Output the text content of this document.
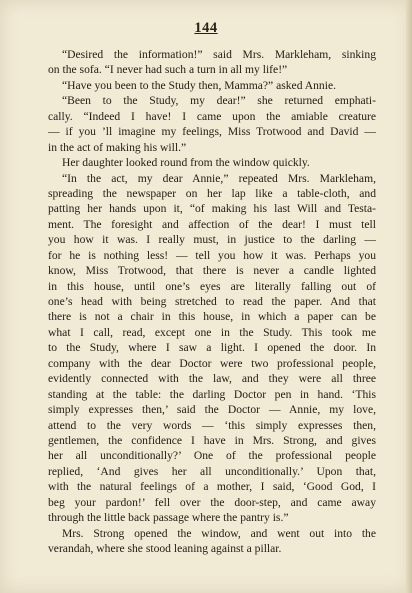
144
“Desired the information!” said Mrs. Markleham, sinking
on the sofa. “I never had such a turn in all my life!”
“Have you been to the Study then, Mamma?” asked Annie.
“Been to the Study, my dear!” she returned emphati-
cally. “Indeed I have! I came upon the amiable creature
— if you ’ll imagine my feelings, Miss Trotwood and David —
in the act of making his will.”
Her daughter looked round from the window quickly.
“In the act, my dear Annie,” repeated Mrs. Markleham,
spreading the newspaper on her lap like a table-cloth, and
patting her hands upon it, “of making his last Will and Testa-
ment. The foresight and affection of the dear! I must tell
you how it was. I really must, in justice to the darling —
for he is nothing less! — tell you how it was. Perhaps you
know, Miss Trotwood, that there is never a candle lighted
in this house, until one’s eyes are literally falling out of
one’s head with being stretched to read the paper. And that
there is not a chair in this house, in which a paper can be
what I call, read, except one in the Study. This took me
to the Study, where I saw a light. I opened the door. In
company with the dear Doctor were two professional people,
evidently connected with the law, and they were all three
standing at the table: the darling Doctor pen in hand. ‘This
simply expresses then,’ said the Doctor — Annie, my love,
attend to the very words — ‘this simply expresses then,
gentlemen, the confidence I have in Mrs. Strong, and gives
her all unconditionally?’ One of the professional people
replied, ‘And gives her all unconditionally.’ Upon that,
with the natural feelings of a mother, I said, ‘Good God, I
beg your pardon!’ fell over the door-step, and came away
through the little back passage where the pantry is.”
Mrs. Strong opened the window, and went out into the
verandah, where she stood leaning against a pillar.
